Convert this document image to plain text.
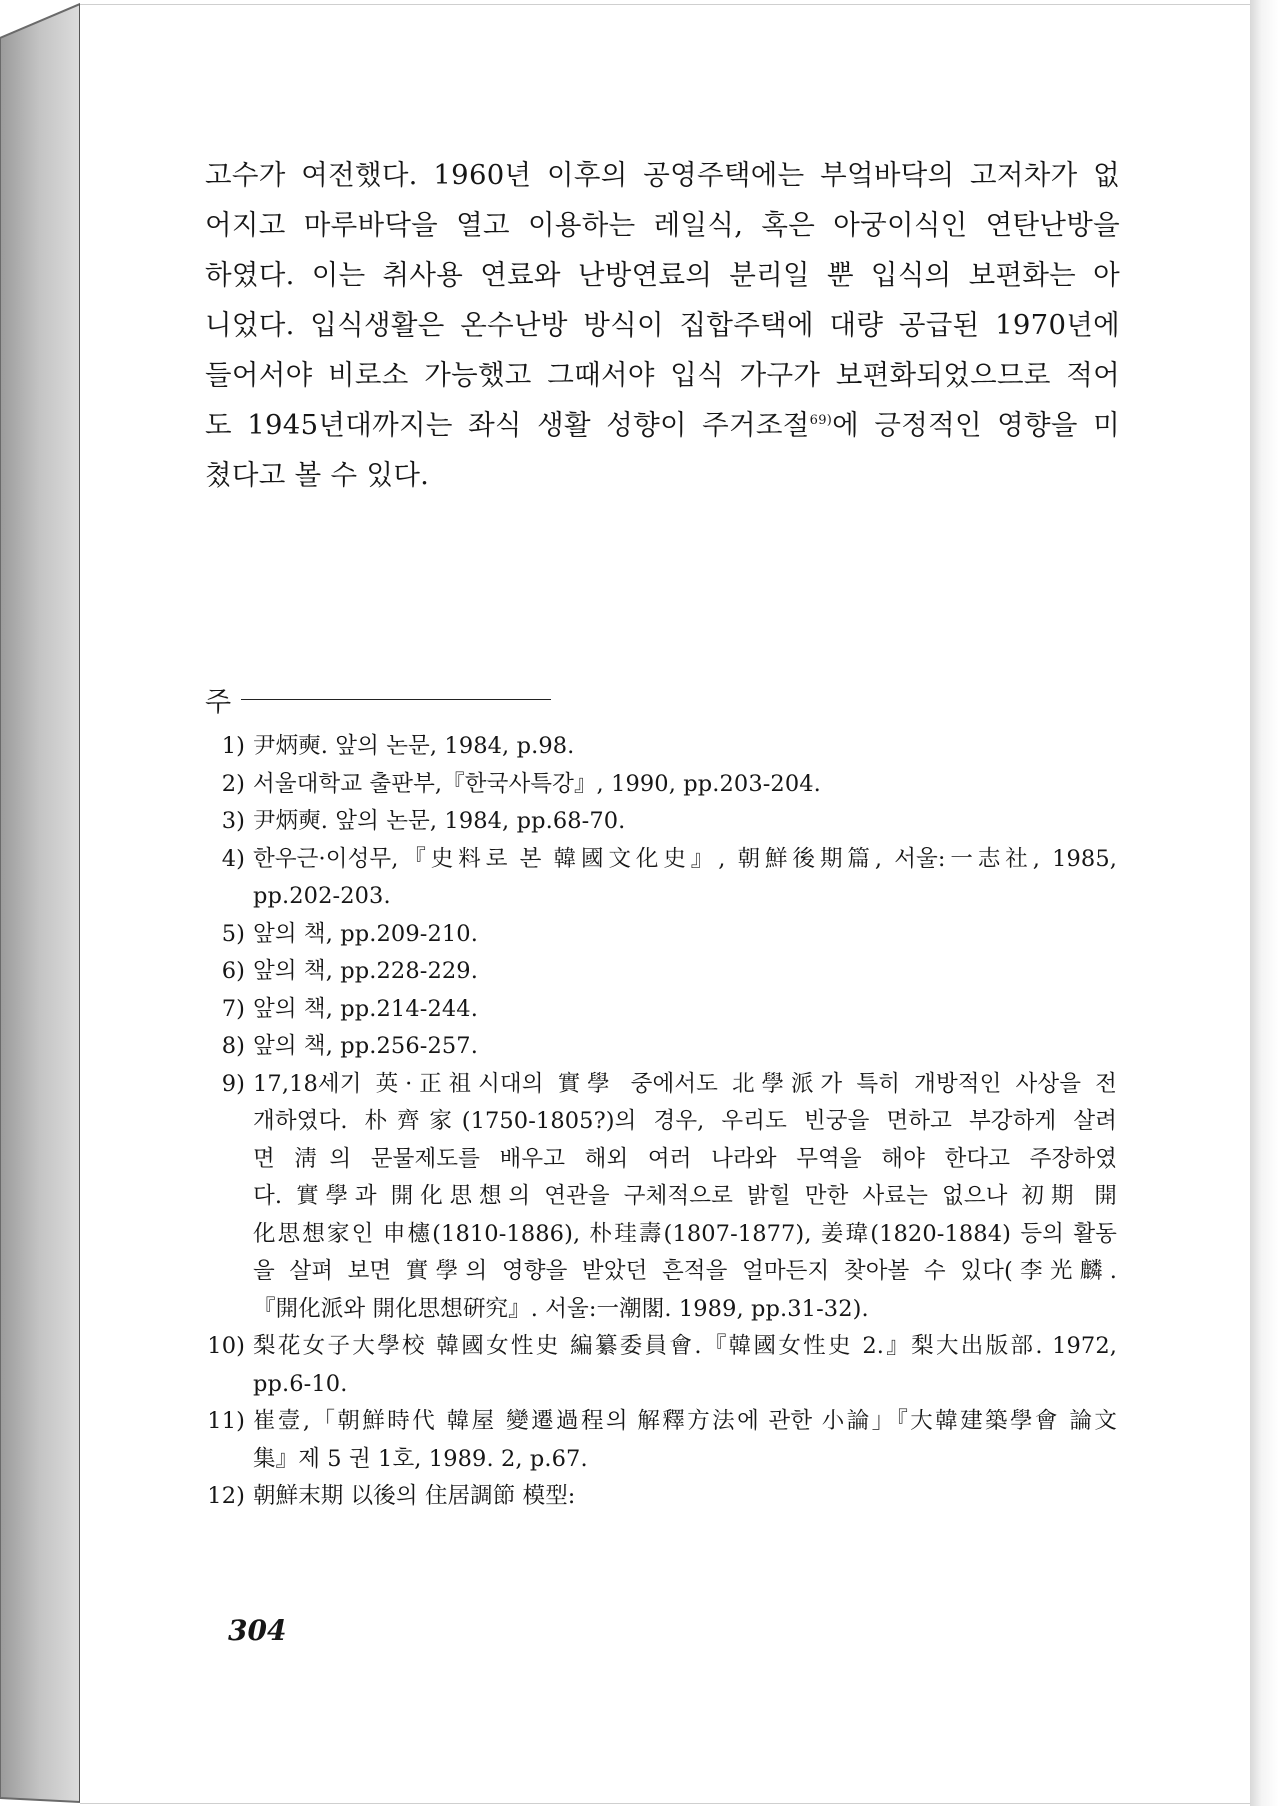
고수가 여전했다. 1960년 이후의 공영주택에는 부엌바닥의 고저차가 없
어지고 마루바닥을 열고 이용하는 레일식, 혹은 아궁이식인 연탄난방을
하였다. 이는 취사용 연료와 난방연료의 분리일 뿐 입식의 보편화는 아
니었다. 입식생활은 온수난방 방식이 집합주택에 대량 공급된 1970년에
들어서야 비로소 가능했고 그때서야 입식 가구가 보편화되었으므로 적어
도 1945년대까지는 좌식 생활 성향이 주거조절$^{69)}$에 긍정적인 영향을 미
쳤다고 볼 수 있다.
주
1) 尹炳奭. 앞의 논문, 1984, p.98.
2) 서울대학교 출판부,『한국사특강』, 1990, pp.203-204.
3) 尹炳奭. 앞의 논문, 1984, pp.68-70.
4) 한우근·이성무,『史料로 본 韓國文化史』, 朝鮮後期篇, 서울:一志社, 1985,
pp.202-203.
5) 앞의 책, pp.209-210.
6) 앞의 책, pp.228-229.
7) 앞의 책, pp.214-244.
8) 앞의 책, pp.256-257.
9) 17,18세기 英·正祖시대의 實學 중에서도 北學派가 특히 개방적인 사상을 전
개하였다. 朴齊家(1750-1805?)의 경우, 우리도 빈궁을 면하고 부강하게 살려
면 淸의 문물제도를 배우고 해외 여러 나라와 무역을 해야 한다고 주장하였
다. 實學과 開化思想의 연관을 구체적으로 밝힐 만한 사료는 없으나 初期 開
化思想家인 申櫶(1810-1886), 朴珪壽(1807-1877), 姜瑋(1820-1884) 등의 활동
을 살펴 보면 實學의 영향을 받았던 흔적을 얼마든지 찾아볼 수 있다(李光麟.
『開化派와 開化思想硏究』. 서울:一潮閣. 1989, pp.31-32).
10) 梨花女子大學校 韓國女性史 編纂委員會.『韓國女性史 2.』梨大出版部. 1972,
pp.6-10.
11) 崔壹,「朝鮮時代 韓屋 變遷過程의 解釋方法에 관한 小論」『大韓建築學會 論文
集』제 5 권 1호, 1989. 2, p.67.
12) 朝鮮末期 以後의 住居調節 模型:
304
